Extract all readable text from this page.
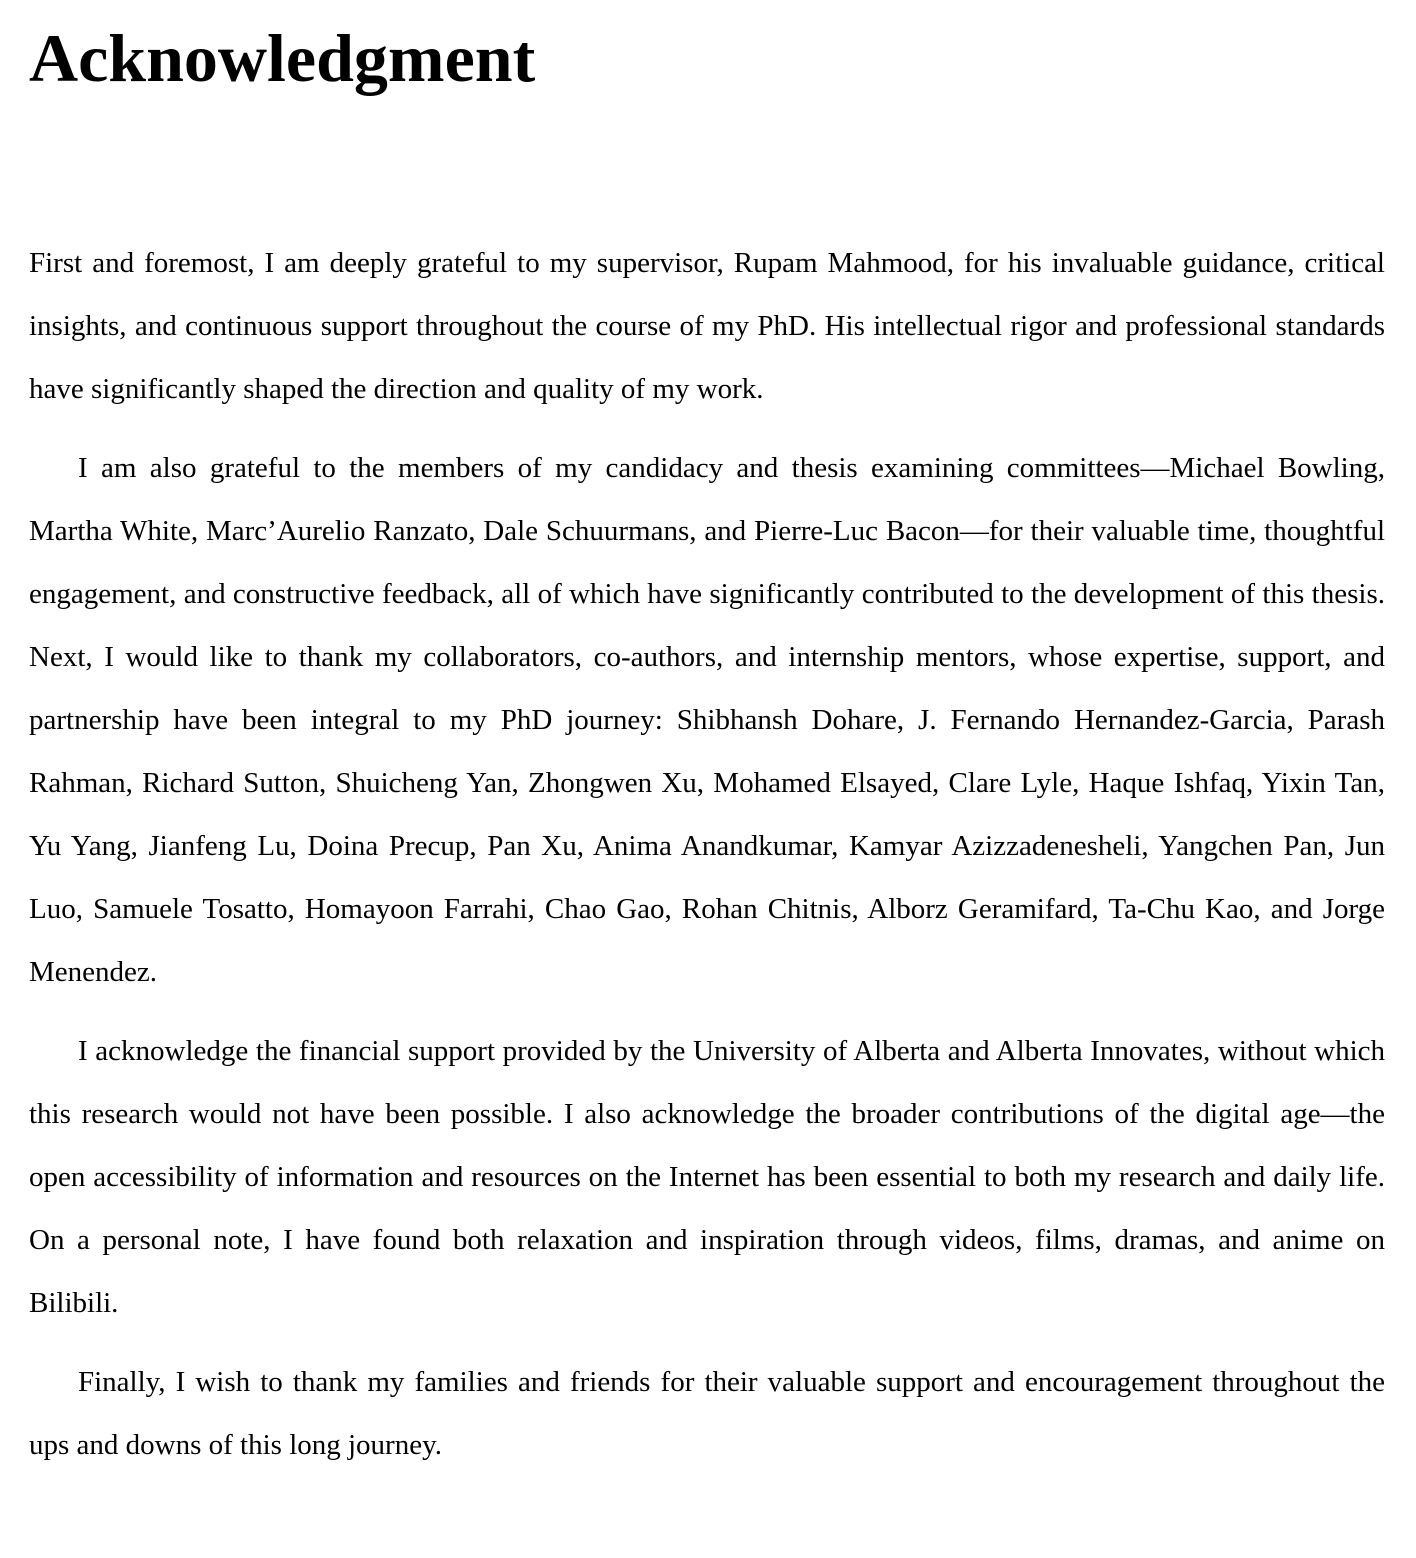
Acknowledgment

First and foremost, I am deeply grateful to my supervisor, Rupam Mahmood, for his invaluable guidance, critical insights, and continuous support throughout the course of my PhD. His intellectual rigor and professional standards have significantly shaped the direction and quality of my work.

I am also grateful to the members of my candidacy and thesis examining committees—Michael Bowling, Martha White, Marc’Aurelio Ranzato, Dale Schuurmans, and Pierre-Luc Bacon—for their valuable time, thoughtful engagement, and constructive feedback, all of which have significantly contributed to the development of this thesis. Next, I would like to thank my collaborators, co-authors, and internship mentors, whose expertise, support, and partnership have been integral to my PhD journey: Shibhansh Dohare, J. Fernando Hernandez-Garcia, Parash Rahman, Richard Sutton, Shuicheng Yan, Zhongwen Xu, Mohamed Elsayed, Clare Lyle, Haque Ishfaq, Yixin Tan, Yu Yang, Jianfeng Lu, Doina Precup, Pan Xu, Anima Anandkumar, Kamyar Azizzadenesheli, Yangchen Pan, Jun Luo, Samuele Tosatto, Homayoon Farrahi, Chao Gao, Rohan Chitnis, Alborz Geramifard, Ta-Chu Kao, and Jorge Menendez.

I acknowledge the financial support provided by the University of Alberta and Alberta Innovates, without which this research would not have been possible. I also acknowledge the broader contributions of the digital age—the open accessibility of information and resources on the Internet has been essential to both my research and daily life. On a personal note, I have found both relaxation and inspiration through videos, films, dramas, and anime on Bilibili.

Finally, I wish to thank my families and friends for their valuable support and encouragement throughout the ups and downs of this long journey.
